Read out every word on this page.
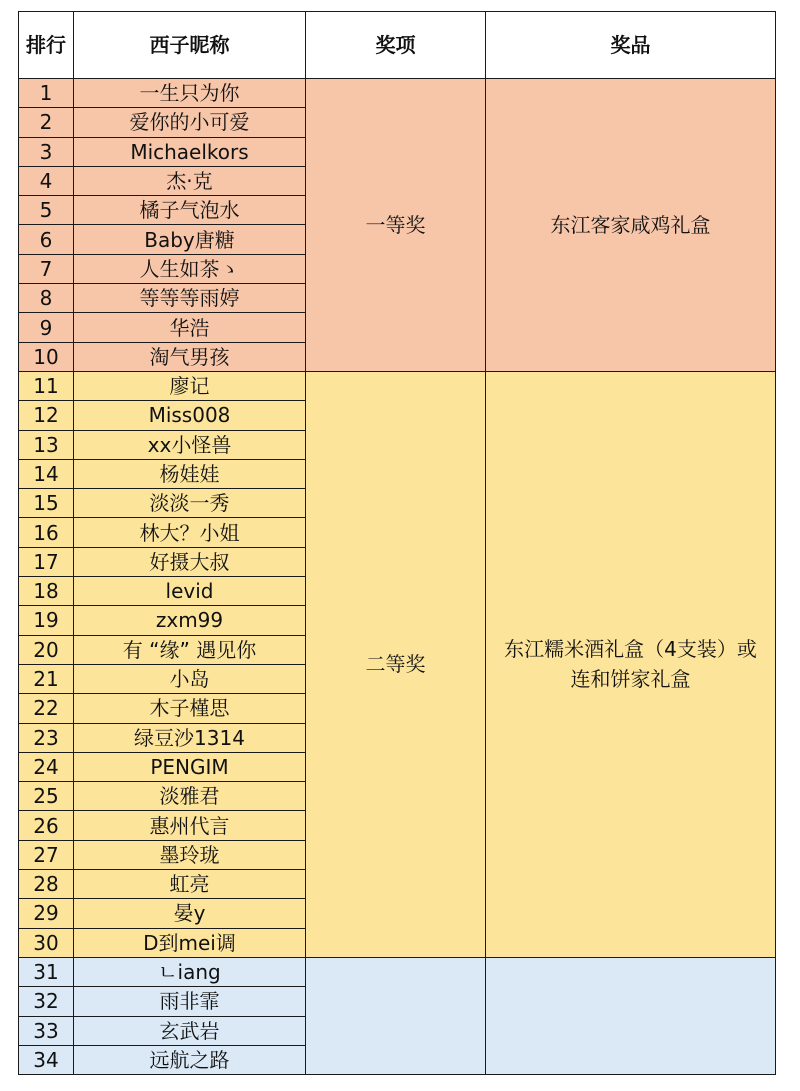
排行	西子昵称	奖项	奖品
1	一生只为你	一等奖	东江客家咸鸡礼盒

2	爱你的小可爱		
3	Michaelkors		
4	杰·克		
5	橘子气泡水		
6	Baby唐糖		
7	人生如茶ゝ		
8	等等等雨婷		
9	华浩		
10	淘气男孩		
11	廖记	二等奖	东江糯米酒礼盒（4支装）或
连和饼家礼盒

12	Miss008		
13	xx小怪兽		
14	杨娃娃		
15	淡淡一秀		
16	林大？小姐		
17	好摄大叔		
18	levid		
19	zxm99		
20	有 “缘” 遇见你		
21	小岛		
22	木子槿思		
23	绿豆沙1314		
24	PENGIM		
25	淡雅君		
26	惠州代言		
27	墨玲珑		
28	虹亮		
29	晏y		
30	D到mei调		
31	ㄴiang		
32	雨非霏		
33	玄武岩		
34	远航之路		
